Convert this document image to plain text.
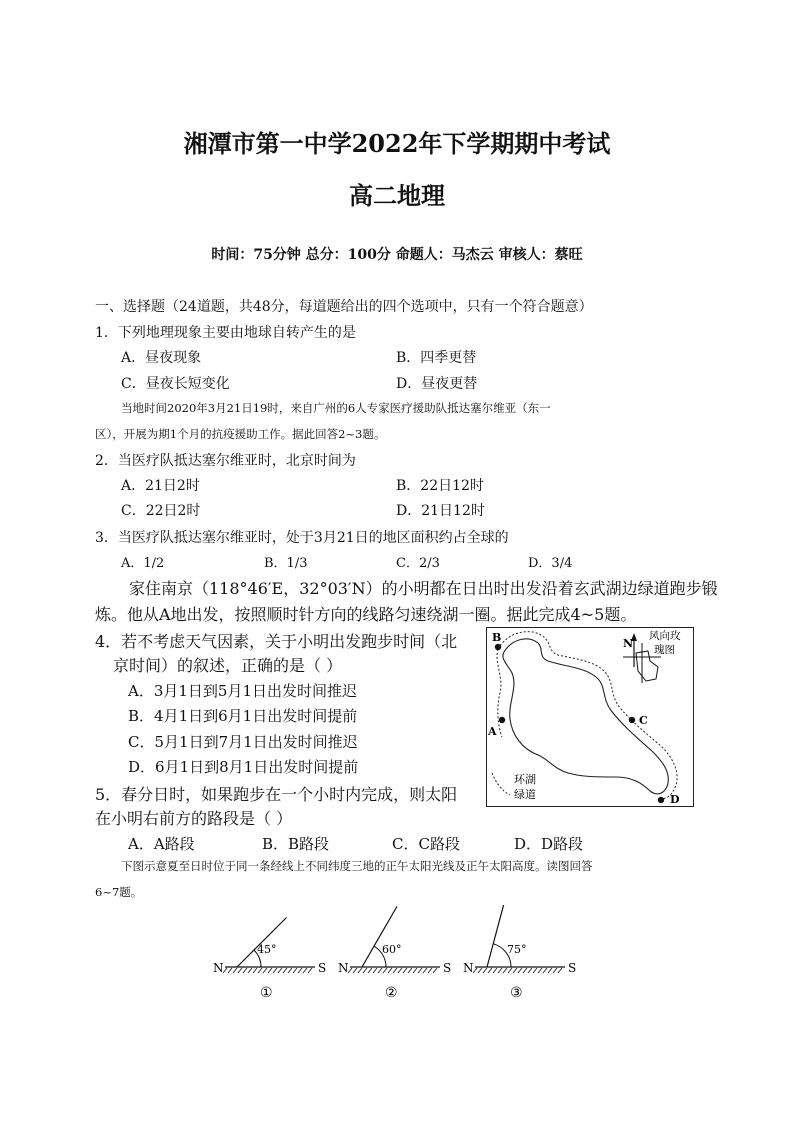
湘潭市第一中学2022年下学期期中考试
高二地理
时间：75分钟 总分：100分 命题人：马杰云 审核人：蔡旺
一、选择题（24道题，共48分，每道题给出的四个选项中，只有一个符合题意）
1．下列地理现象主要由地球自转产生的是
A．昼夜现象	B．四季更替
C．昼夜长短变化	D．昼夜更替
当地时间2020年3月21日19时，来自广州的6人专家医疗援助队抵达塞尔维亚（东一
区），开展为期1个月的抗疫援助工作。据此回答2~3题。
2．当医疗队抵达塞尔维亚时，北京时间为
A．21日2时	B．22日12时
C．22日2时	D．21日12时
3．当医疗队抵达塞尔维亚时，处于3月21日的地区面积约占全球的
A．1/2	B．1/3	C．2/3	D．3/4
家住南京（118°46′E，32°03′N）的小明都在日出时出发沿着玄武湖边绿道跑步锻
炼。他从A地出发，按照顺时针方向的线路匀速绕湖一圈。据此完成4~5题。
4．若不考虑天气因素，关于小明出发跑步时间（北
京时间）的叙述，正确的是（ ）
A．3月1日到5月1日出发时间推迟
B．4月1日到6月1日出发时间提前
C．5月1日到7月1日出发时间推迟
D．6月1日到8月1日出发时间提前
5．春分日时，如果跑步在一个小时内完成，则太阳
在小明右前方的路段是（ ）
A．A路段	B．B路段	C．C路段	D．D路段
B
A
C
D
N
风向玫
瑰图
环湖
绿道
下图示意夏至日时位于同一条经线上不同纬度三地的正午太阳光线及正午太阳高度。读图回答
6~7题。
N	S
45°
①
N	S
60°
②
N	S
75°
③
